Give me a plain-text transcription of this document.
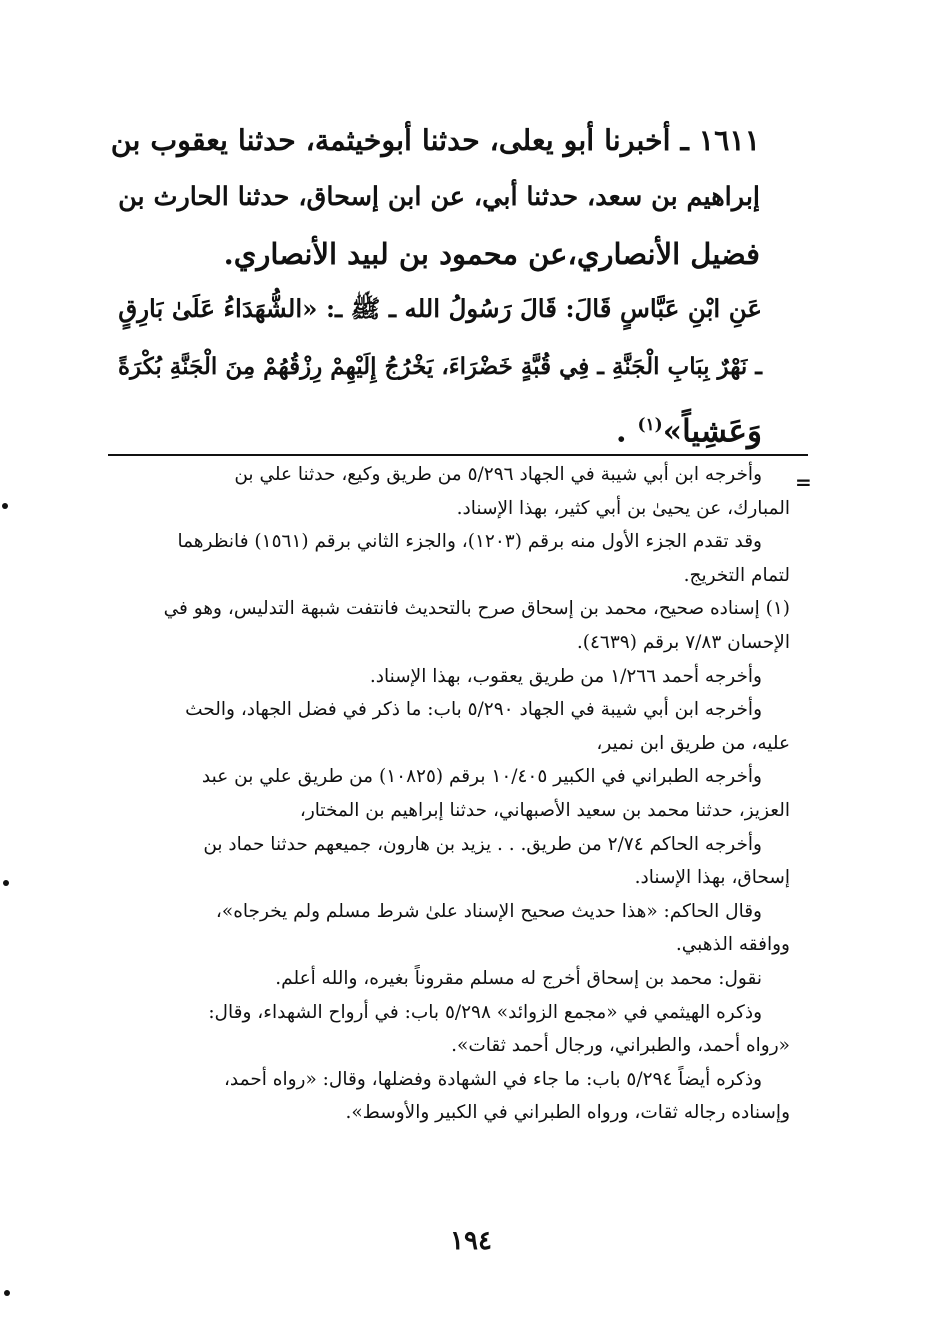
١٦١١ ـ أخبرنا أبو يعلى، حدثنا أبوخيثمة، حدثنا يعقوب بن
إبراهيم بن سعد، حدثنا أبي، عن ابن إسحاق، حدثنا الحارث بن
فضيل الأنصاري،عن محمود بن لبيد الأنصاري.
عَنِ ابْنِ عَبَّاسٍ قَالَ: قَالَ رَسُولُ الله ـ ﷺ ـ: «الشُّهَدَاءُ عَلَىٰ بَارِقٍ
ـ نَهْرٌ بِبَابِ الْجَنَّةِ ـ فِي قُبَّةٍ خَضْرَاءَ، يَخْرُجُ إِلَيْهِمْ رِزْقُهُمْ مِنَ الْجَنَّةِ بُكْرَةً
وَعَشِياً»$^{(١)}$ .
=
وأخرجه ابن أبي شيبة في الجهاد ٥/٢٩٦ من طريق وكيع، حدثنا علي بن
المبارك، عن يحيىٰ بن أبي كثير، بهذا الإسناد.
وقد تقدم الجزء الأول منه برقم (١٢٠٣)، والجزء الثاني برقم (١٥٦١) فانظرهما
لتمام التخريج.
(١) إسناده صحيح، محمد بن إسحاق صرح بالتحديث فانتفت شبهة التدليس، وهو في
الإحسان ٧/٨٣ برقم (٤٦٣٩).
وأخرجه أحمد ١/٢٦٦ من طريق يعقوب، بهذا الإسناد.
وأخرجه ابن أبي شيبة في الجهاد ٥/٢٩٠ باب: ما ذكر في فضل الجهاد، والحث
عليه، من طريق ابن نمير،
وأخرجه الطبراني في الكبير ١٠/٤٠٥ برقم (١٠٨٢٥) من طريق علي بن عبد
العزيز، حدثنا محمد بن سعيد الأصبهاني، حدثنا إبراهيم بن المختار،
وأخرجه الحاكم ٢/٧٤ من طريق. . . يزيد بن هارون، جميعهم حدثنا حماد بن
إسحاق، بهذا الإسناد.
وقال الحاكم: «هذا حديث صحيح الإسناد علىٰ شرط مسلم ولم يخرجاه»،
ووافقه الذهبي.
نقول: محمد بن إسحاق أخرج له مسلم مقروناً بغيره، والله أعلم.
وذكره الهيثمي في «مجمع الزوائد» ٥/٢٩٨ باب: في أرواح الشهداء، وقال:
«رواه أحمد، والطبراني، ورجال أحمد ثقات».
وذكره أيضاً ٥/٢٩٤ باب: ما جاء في الشهادة وفضلها، وقال: «رواه أحمد،
وإسناده رجاله ثقات، ورواه الطبراني في الكبير والأوسط».
١٩٤
